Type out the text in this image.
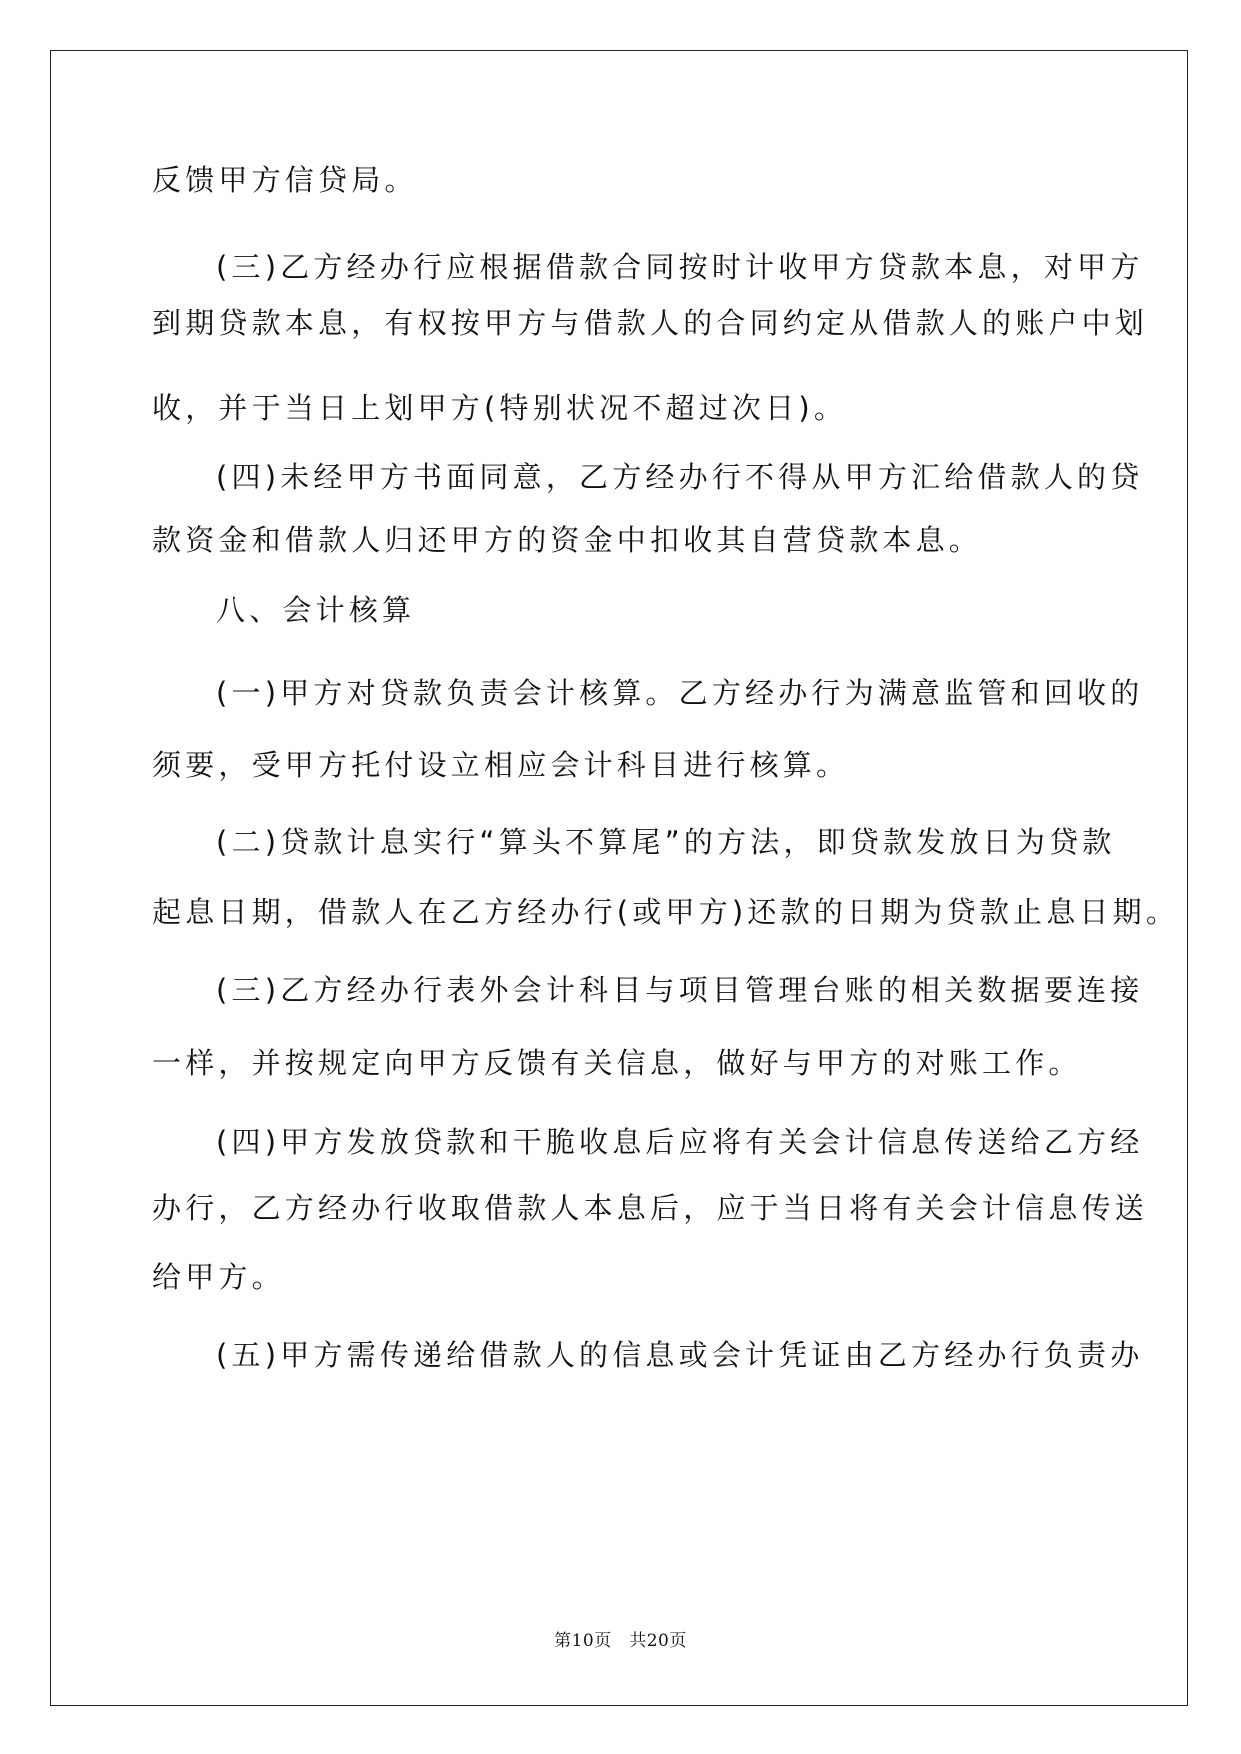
反馈甲方信贷局。
(三)乙方经办行应根据借款合同按时计收甲方贷款本息，对甲方
到期贷款本息，有权按甲方与借款人的合同约定从借款人的账户中划
收，并于当日上划甲方(特别状况不超过次日)。
(四)未经甲方书面同意，乙方经办行不得从甲方汇给借款人的贷
款资金和借款人归还甲方的资金中扣收其自营贷款本息。
八、会计核算
(一)甲方对贷款负责会计核算。乙方经办行为满意监管和回收的
须要，受甲方托付设立相应会计科目进行核算。
(二)贷款计息实行“算头不算尾”的方法，即贷款发放日为贷款
起息日期，借款人在乙方经办行(或甲方)还款的日期为贷款止息日期。
(三)乙方经办行表外会计科目与项目管理台账的相关数据要连接
一样，并按规定向甲方反馈有关信息，做好与甲方的对账工作。
(四)甲方发放贷款和干脆收息后应将有关会计信息传送给乙方经
办行，乙方经办行收取借款人本息后，应于当日将有关会计信息传送
给甲方。
(五)甲方需传递给借款人的信息或会计凭证由乙方经办行负责办
第10页　共20页
